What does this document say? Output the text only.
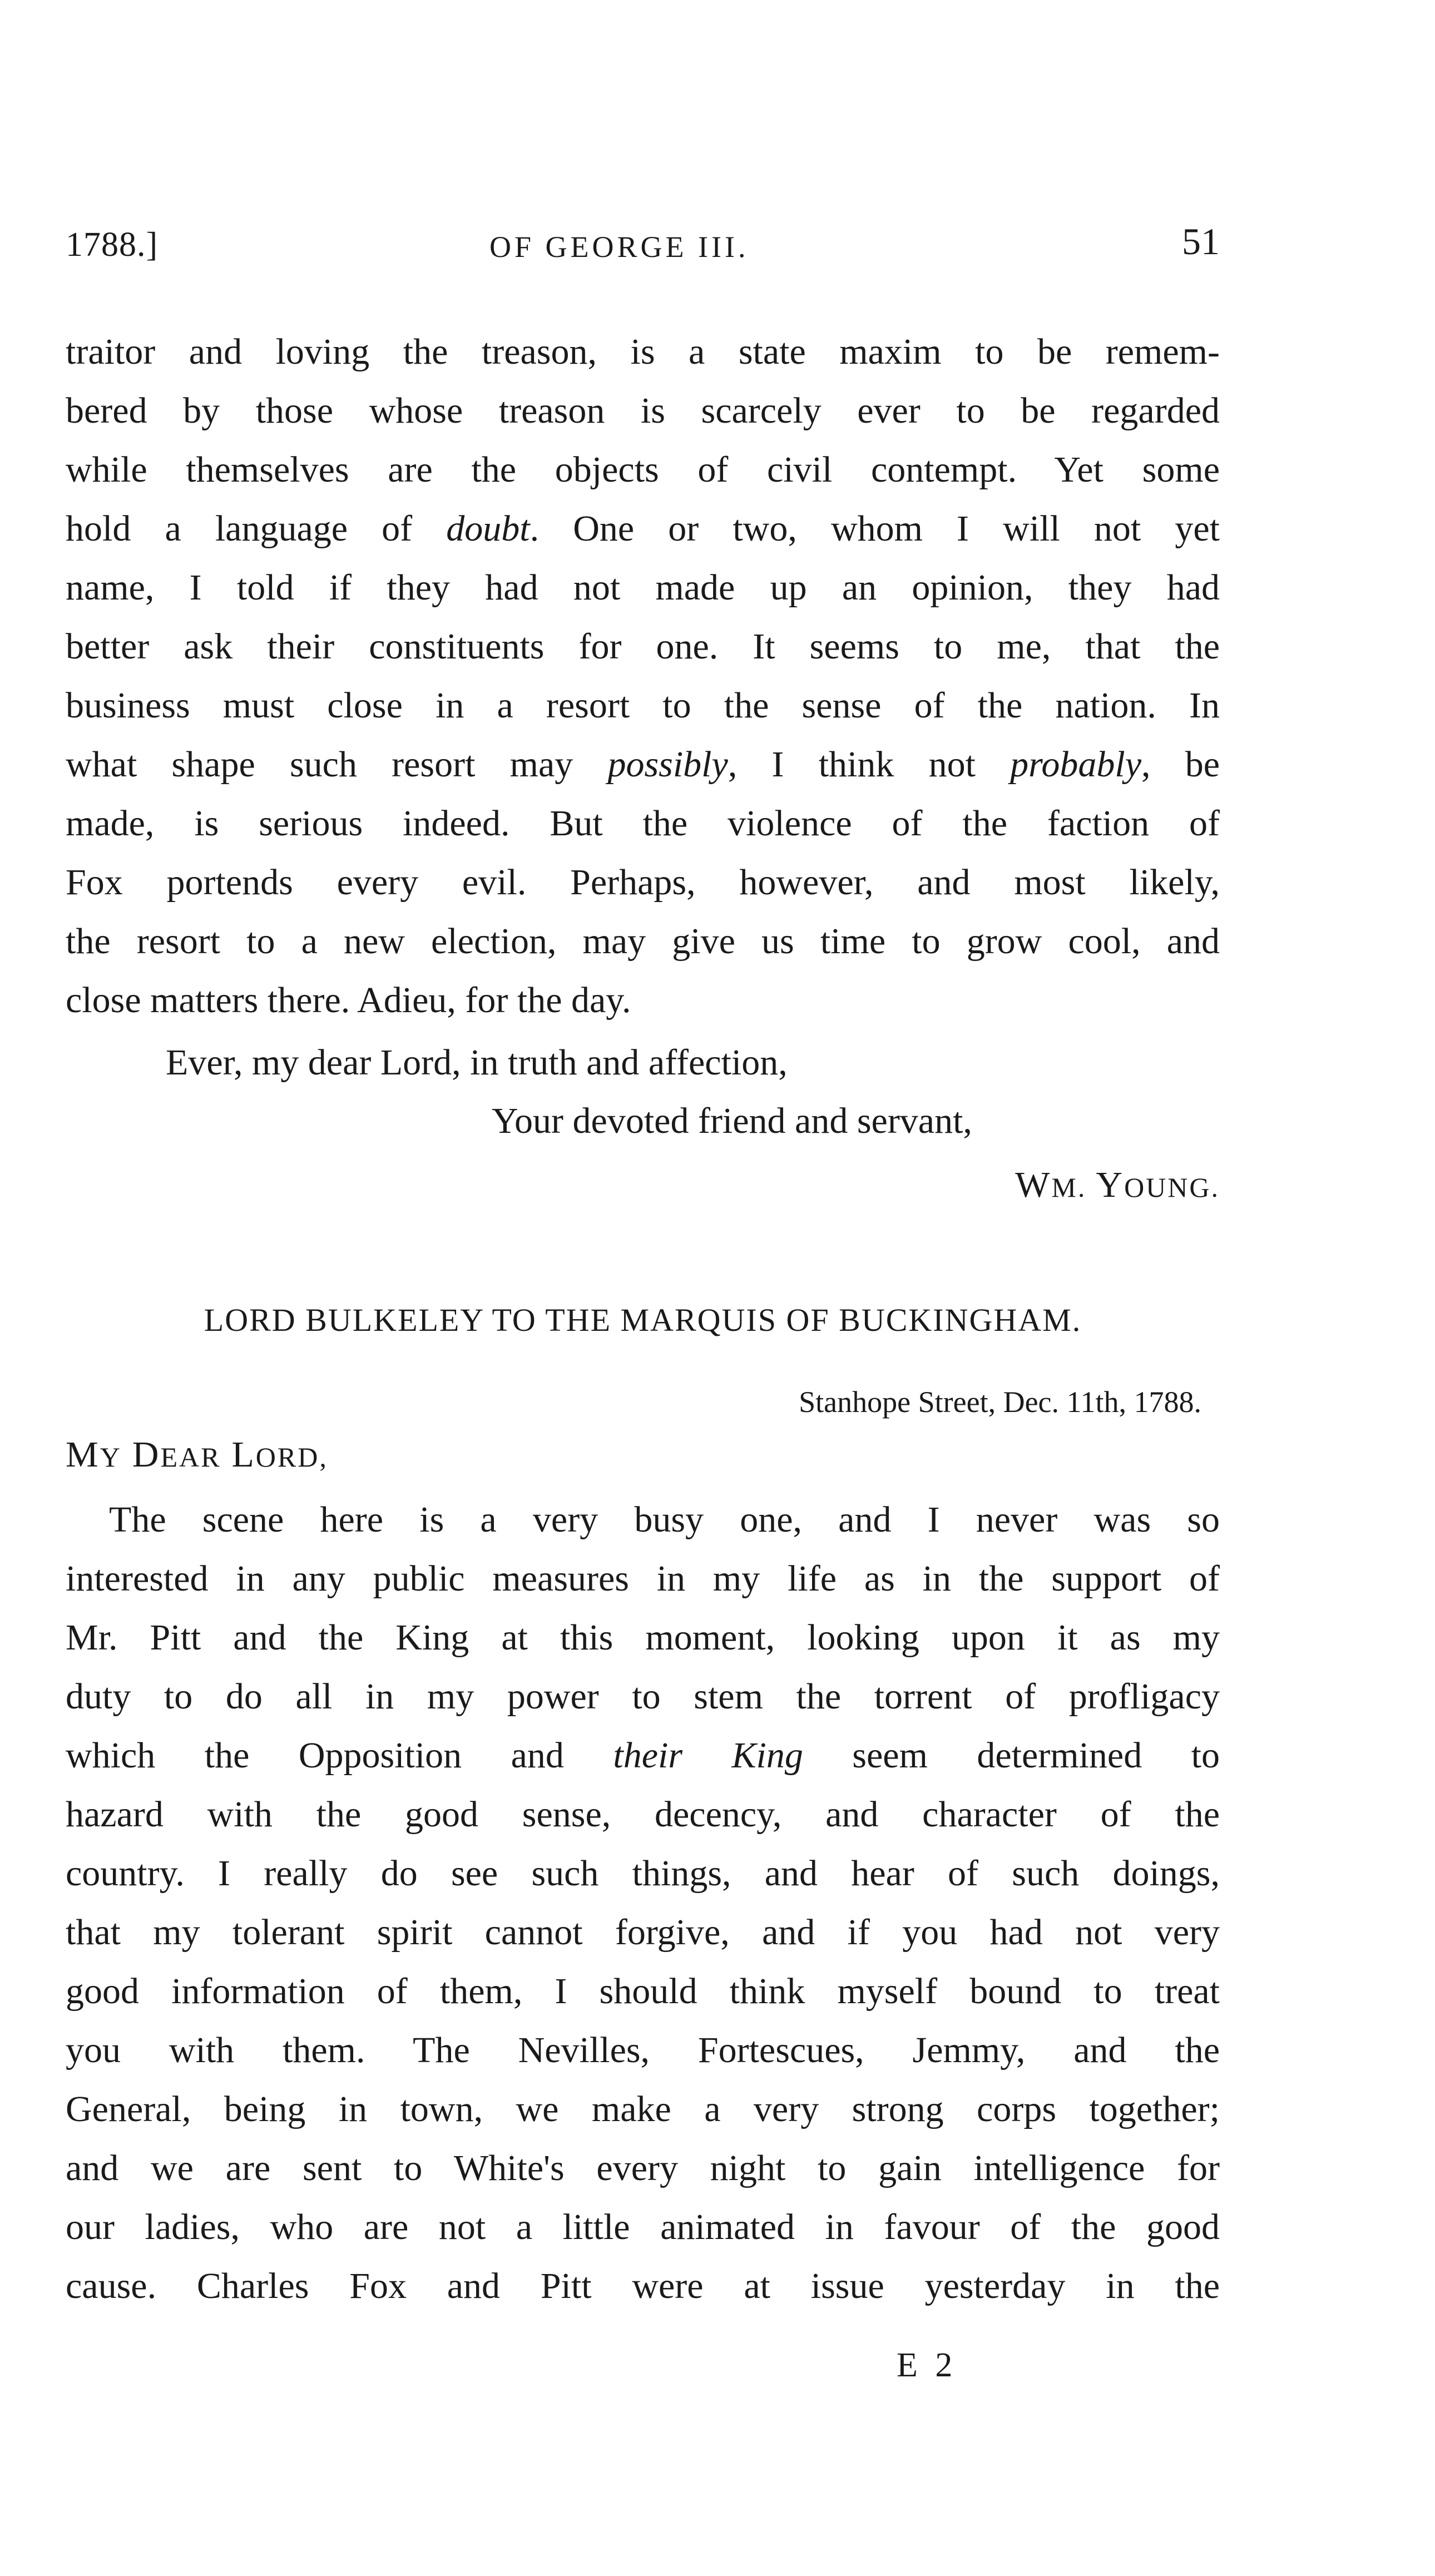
1788.]	OF GEORGE III.	51
traitor and loving the treason, is a state maxim to be remem-
bered by those whose treason is scarcely ever to be regarded
while themselves are the objects of civil contempt. Yet some
hold a language of doubt. One or two, whom I will not yet
name, I told if they had not made up an opinion, they had
better ask their constituents for one. It seems to me, that the
business must close in a resort to the sense of the nation. In
what shape such resort may possibly, I think not probably, be
made, is serious indeed. But the violence of the faction of
Fox portends every evil. Perhaps, however, and most likely,
the resort to a new election, may give us time to grow cool, and
close matters there. Adieu, for the day.
Ever, my dear Lord, in truth and affection,
Your devoted friend and servant,
WM. YOUNG.
LORD BULKELEY TO THE MARQUIS OF BUCKINGHAM.
Stanhope Street, Dec. 11th, 1788.
MY DEAR LORD,
The scene here is a very busy one, and I never was so
interested in any public measures in my life as in the support of
Mr. Pitt and the King at this moment, looking upon it as my
duty to do all in my power to stem the torrent of profligacy
which the Opposition and their King seem determined to
hazard with the good sense, decency, and character of the
country. I really do see such things, and hear of such doings,
that my tolerant spirit cannot forgive, and if you had not very
good information of them, I should think myself bound to treat
you with them. The Nevilles, Fortescues, Jemmy, and the
General, being in town, we make a very strong corps together;
and we are sent to White's every night to gain intelligence for
our ladies, who are not a little animated in favour of the good
cause. Charles Fox and Pitt were at issue yesterday in the
E 2
